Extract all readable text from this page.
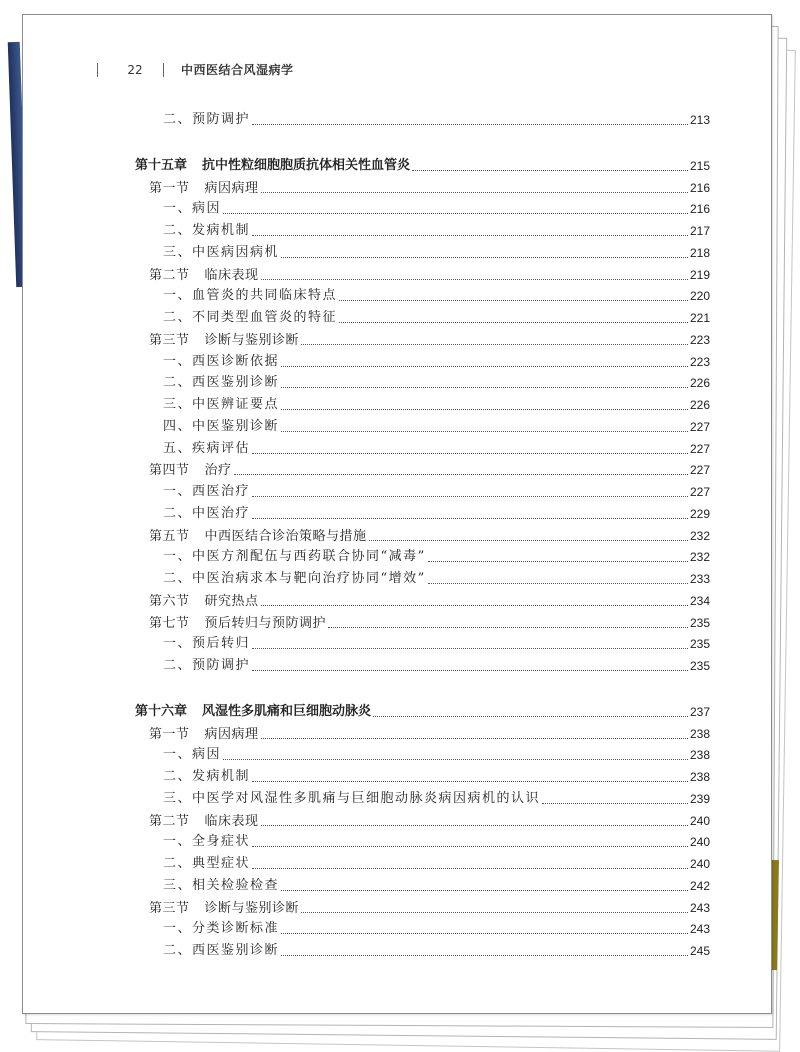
22	中西医结合风湿病学
二、预防调护	213
第十五章 抗中性粒细胞胞质抗体相关性血管炎	215
第一节 病因病理	216
一、病因	216
二、发病机制	217
三、中医病因病机	218
第二节 临床表现	219
一、血管炎的共同临床特点	220
二、不同类型血管炎的特征	221
第三节 诊断与鉴别诊断	223
一、西医诊断依据	223
二、西医鉴别诊断	226
三、中医辨证要点	226
四、中医鉴别诊断	227
五、疾病评估	227
第四节 治疗	227
一、西医治疗	227
二、中医治疗	229
第五节 中西医结合诊治策略与措施	232
一、中医方剂配伍与西药联合协同“减毒”	232
二、中医治病求本与靶向治疗协同“增效”	233
第六节 研究热点	234
第七节 预后转归与预防调护	235
一、预后转归	235
二、预防调护	235
第十六章 风湿性多肌痛和巨细胞动脉炎	237
第一节 病因病理	238
一、病因	238
二、发病机制	238
三、中医学对风湿性多肌痛与巨细胞动脉炎病因病机的认识	239
第二节 临床表现	240
一、全身症状	240
二、典型症状	240
三、相关检验检查	242
第三节 诊断与鉴别诊断	243
一、分类诊断标准	243
二、西医鉴别诊断	245
